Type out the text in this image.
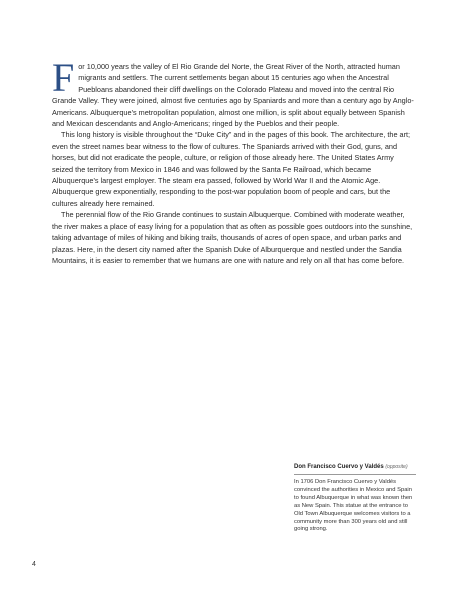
For 10,000 years the valley of El Rio Grande del Norte, the Great River of the North, attracted human migrants and settlers. The current settlements began about 15 centuries ago when the Ancestral Puebloans abandoned their cliff dwellings on the Colorado Plateau and moved into the central Rio Grande Valley. They were joined, almost five centuries ago by Spaniards and more than a century ago by Anglo-Americans. Albuquerque’s metropolitan population, almost one million, is split about equally between Spanish and Mexican descendants and Anglo-Americans; ringed by the Pueblos and their people.

This long history is visible throughout the “Duke City” and in the pages of this book. The architecture, the art; even the street names bear witness to the flow of cultures. The Spaniards arrived with their God, guns, and horses, but did not eradicate the people, culture, or religion of those already here. The United States Army seized the territory from Mexico in 1846 and was followed by the Santa Fe Railroad, which became Albuquerque’s largest employer. The steam era passed, followed by World War II and the Atomic Age. Albuquerque grew exponentially, responding to the post-war population boom of people and cars, but the cultures already here remained.

The perennial flow of the Rio Grande continues to sustain Albuquerque. Combined with moderate weather, the river makes a place of easy living for a population that as often as possible goes outdoors into the sunshine, taking advantage of miles of hiking and biking trails, thousands of acres of open space, and urban parks and plazas. Here, in the desert city named after the Spanish Duke of Alburquerque and nestled under the Sandia Mountains, it is easier to remember that we humans are one with nature and rely on all that has come before.

Don Francisco Cuervo y Valdés (opposite)
In 1706 Don Francisco Cuervo y Valdés convinced the authorities in Mexico and Spain to found Albuquerque in what was known then as New Spain. This statue at the entrance to Old Town Albuquerque welcomes visitors to a community more than 300 years old and still going strong.
4
